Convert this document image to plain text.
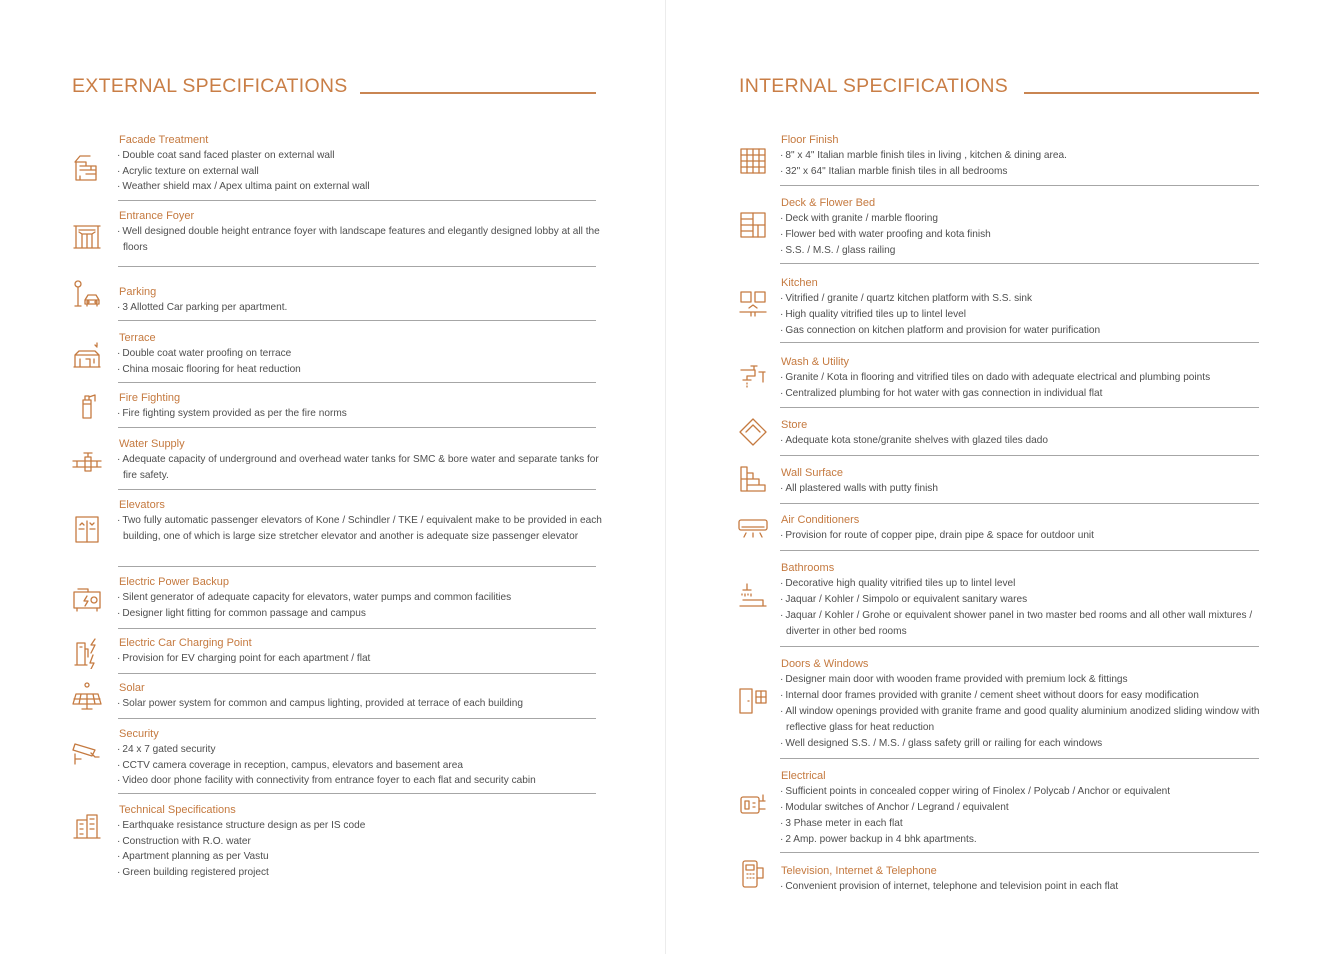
EXTERNAL SPECIFICATIONS
Facade Treatment
· Double coat sand faced plaster on external wall
· Acrylic texture on external wall
· Weather shield max / Apex ultima paint on external wall
Entrance Foyer
· Well designed double height entrance foyer with landscape features and elegantly designed lobby at all the floors
Parking
· 3 Allotted Car parking per apartment.
Terrace
· Double coat water proofing on terrace
· China mosaic flooring for heat reduction
Fire Fighting
· Fire fighting system provided as per the fire norms
Water Supply
· Adequate capacity of underground and overhead water tanks for SMC & bore water and separate tanks for fire safety.
Elevators
· Two fully automatic passenger elevators of Kone / Schindler / TKE / equivalent make to be provided in each building, one of which is large size stretcher elevator and another is adequate size passenger elevator
Electric Power Backup
· Silent generator of adequate capacity for elevators, water pumps and common facilities
· Designer light fitting for common passage and campus
Electric Car Charging Point
· Provision for EV charging point for each apartment / flat
Solar
· Solar power system for common and campus lighting, provided at terrace of each building
Security
· 24 x 7 gated security
· CCTV camera coverage in reception, campus, elevators and basement area
· Video door phone facility with connectivity from entrance foyer to each flat and security cabin
Technical Specifications
· Earthquake resistance structure design as per IS code
· Construction with R.O. water
· Apartment planning as per Vastu
· Green building registered project
INTERNAL SPECIFICATIONS
Floor Finish
· 8" x 4" Italian marble finish tiles in living , kitchen & dining area.
· 32" x 64" Italian marble finish tiles in all bedrooms
Deck & Flower Bed
· Deck with granite / marble flooring
· Flower bed with water proofing and kota finish
· S.S. / M.S. / glass railing
Kitchen
· Vitrified / granite / quartz kitchen platform with S.S. sink
· High quality vitrified tiles up to lintel level
· Gas connection on kitchen platform and provision for water purification
Wash & Utility
· Granite / Kota in flooring and vitrified tiles on dado with adequate electrical and plumbing points
· Centralized plumbing for hot water with gas connection in individual flat
Store
· Adequate kota stone/granite shelves with glazed tiles dado
Wall Surface
· All plastered walls with putty finish
Air Conditioners
· Provision for route of copper pipe, drain pipe & space for outdoor unit
Bathrooms
· Decorative high quality vitrified tiles up to lintel level
· Jaquar / Kohler / Simpolo or equivalent sanitary wares
· Jaquar / Kohler / Grohe or equivalent shower panel in two master bed rooms and all other wall mixtures / diverter in other bed rooms
Doors & Windows
· Designer main door with wooden frame provided with premium lock & fittings
· Internal door frames provided with granite / cement sheet without doors for easy modification
· All window openings provided with granite frame and good quality aluminium anodized sliding window with reflective glass for heat reduction
· Well designed S.S. / M.S. / glass safety grill or railing for each windows
Electrical
· Sufficient points in concealed copper wiring of Finolex / Polycab / Anchor or equivalent
· Modular switches of Anchor / Legrand / equivalent
· 3 Phase meter in each flat
· 2 Amp. power backup in 4 bhk apartments.
Television, Internet & Telephone
· Convenient provision of internet, telephone and television point in each flat
